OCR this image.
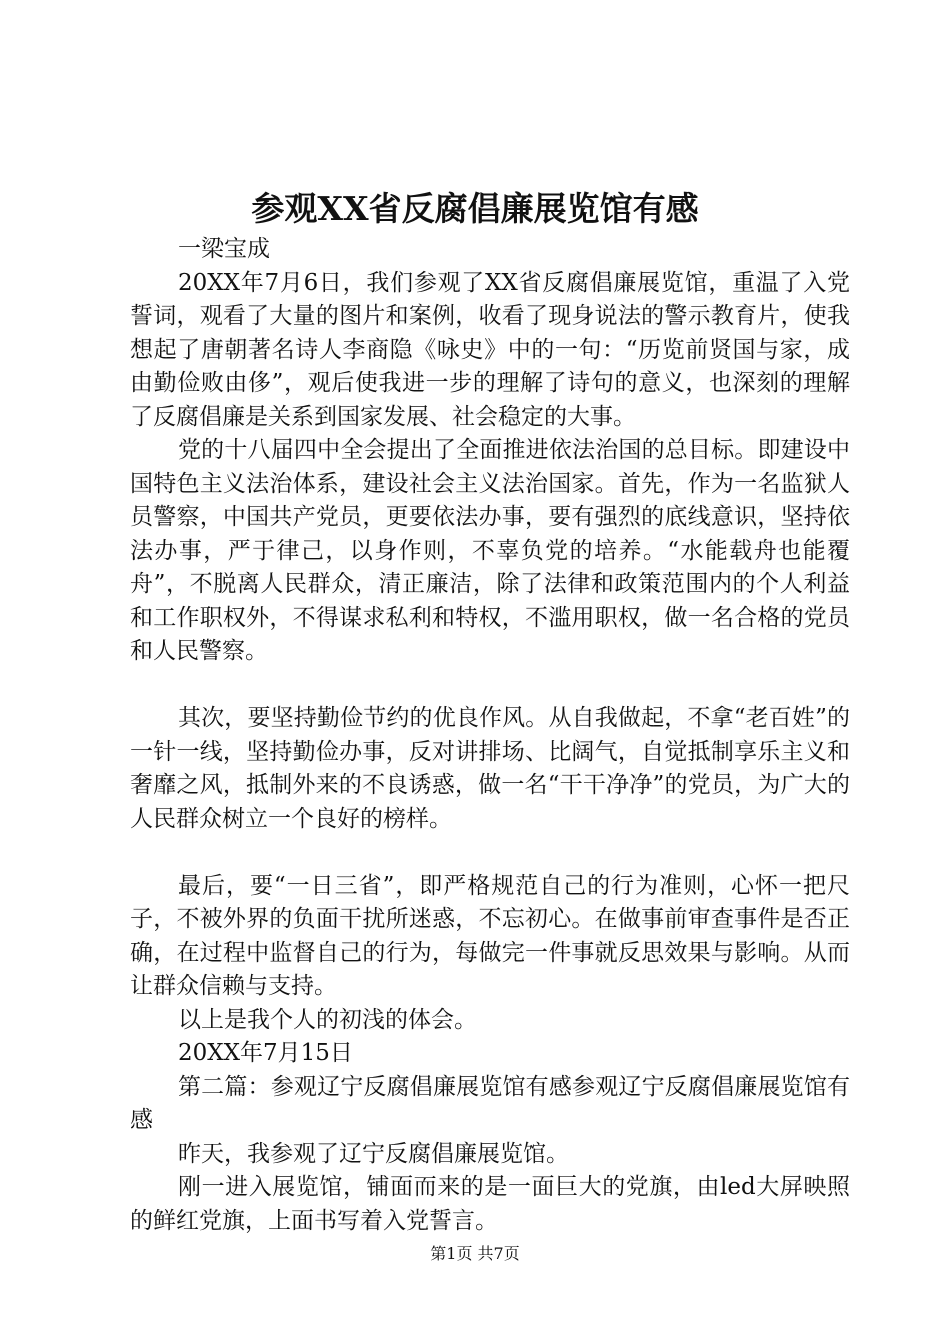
参观XX省反腐倡廉展览馆有感

一梁宝成

20XX年7月6日，我们参观了XX省反腐倡廉展览馆，重温了入党誓词，观看了大量的图片和案例，收看了现身说法的警示教育片，使我想起了唐朝著名诗人李商隐《咏史》中的一句：“历览前贤国与家，成由勤俭败由侈”，观后使我进一步的理解了诗句的意义，也深刻的理解了反腐倡廉是关系到国家发展、社会稳定的大事。

党的十八届四中全会提出了全面推进依法治国的总目标。即建设中国特色主义法治体系，建设社会主义法治国家。首先，作为一名监狱人员警察，中国共产党员，更要依法办事，要有强烈的底线意识，坚持依法办事，严于律己，以身作则，不辜负党的培养。“水能载舟也能覆舟”，不脱离人民群众，清正廉洁，除了法律和政策范围内的个人利益和工作职权外，不得谋求私利和特权，不滥用职权，做一名合格的党员和人民警察。

其次，要坚持勤俭节约的优良作风。从自我做起，不拿“老百姓”的一针一线，坚持勤俭办事，反对讲排场、比阔气，自觉抵制享乐主义和奢靡之风，抵制外来的不良诱惑，做一名“干干净净”的党员，为广大的人民群众树立一个良好的榜样。

最后，要“一日三省”，即严格规范自己的行为准则，心怀一把尺子，不被外界的负面干扰所迷惑，不忘初心。在做事前审查事件是否正确，在过程中监督自己的行为，每做完一件事就反思效果与影响。从而让群众信赖与支持。

以上是我个人的初浅的体会。

20XX年7月15日

第二篇：参观辽宁反腐倡廉展览馆有感参观辽宁反腐倡廉展览馆有感

昨天，我参观了辽宁反腐倡廉展览馆。

刚一进入展览馆，铺面而来的是一面巨大的党旗，由led大屏映照的鲜红党旗，上面书写着入党誓言。

第1页 共7页
